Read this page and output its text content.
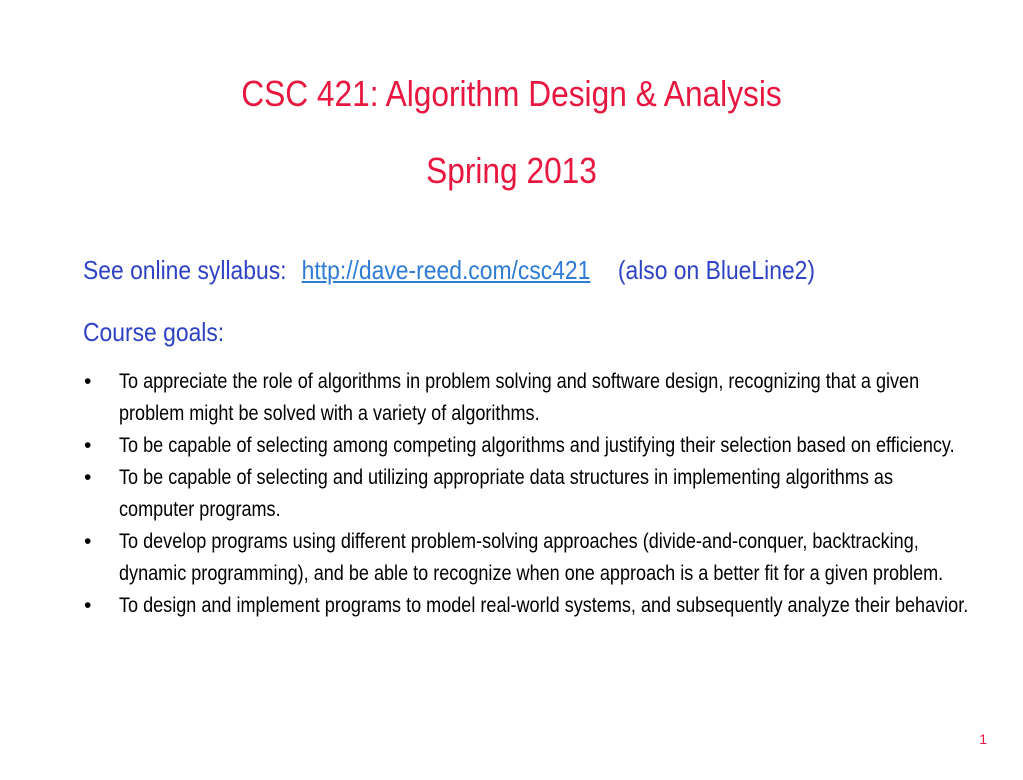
CSC 421: Algorithm Design & Analysis
Spring 2013
See online syllabus: http://dave-reed.com/csc421 (also on BlueLine2)
Course goals:
• To appreciate the role of algorithms in problem solving and software design, recognizing that a given problem might be solved with a variety of algorithms.
• To be capable of selecting among competing algorithms and justifying their selection based on efficiency.
• To be capable of selecting and utilizing appropriate data structures in implementing algorithms as computer programs.
• To develop programs using different problem-solving approaches (divide-and-conquer, backtracking, dynamic programming), and be able to recognize when one approach is a better fit for a given problem.
• To design and implement programs to model real-world systems, and subsequently analyze their behavior.
1
